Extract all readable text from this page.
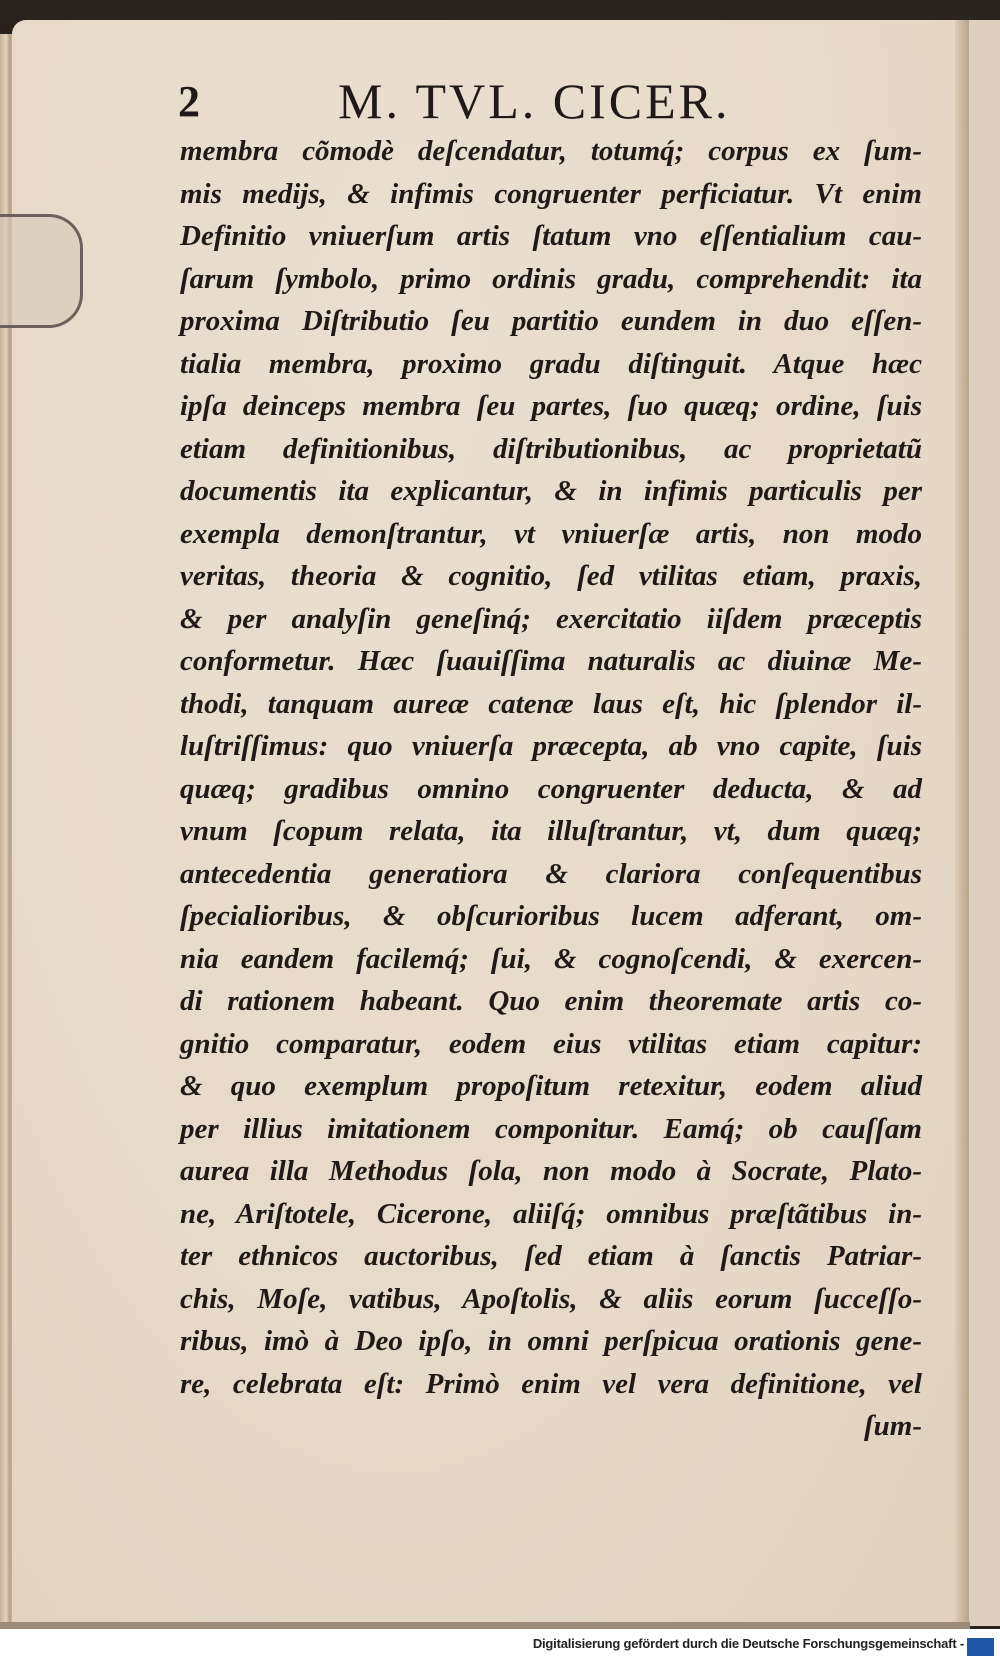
2	M. TVL. CICER.
membra cõmodè deſcendatur, totumq́; corpus ex ſum-
mis medijs, & infimis congruenter perficiatur. Vt enim
Definitio vniuerſum artis ſtatum vno eſſentialium cau-
ſarum ſymbolo, primo ordinis gradu, comprehendit: ita
proxima Diſtributio ſeu partitio eundem in duo eſſen-
tialia membra, proximo gradu diſtinguit. Atque hæc
ipſa deinceps membra ſeu partes, ſuo quæq; ordine, ſuis
etiam definitionibus, diſtributionibus, ac proprietatũ
documentis ita explicantur, & in infimis particulis per
exempla demonſtrantur, vt vniuerſæ artis, non modo
veritas, theoria & cognitio, ſed vtilitas etiam, praxis,
& per analyſin geneſinq́; exercitatio iiſdem præceptis
conformetur. Hæc ſuauiſſima naturalis ac diuinæ Me-
thodi, tanquam aureæ catenæ laus eſt, hic ſplendor il-
luſtriſſimus: quo vniuerſa præcepta, ab vno capite, ſuis
quæq; gradibus omnino congruenter deducta, & ad
vnum ſcopum relata, ita illuſtrantur, vt, dum quæq;
antecedentia generatiora & clariora conſequentibus
ſpecialioribus, & obſcurioribus lucem adferant, om-
nia eandem facilemq́; ſui, & cognoſcendi, & exercen-
di rationem habeant. Quo enim theoremate artis co-
gnitio comparatur, eodem eius vtilitas etiam capitur:
& quo exemplum propoſitum retexitur, eodem aliud
per illius imitationem componitur. Eamq́; ob cauſſam
aurea illa Methodus ſola, non modo à Socrate, Plato-
ne, Ariſtotele, Cicerone, aliiſq́; omnibus præſtãtibus in-
ter ethnicos auctoribus, ſed etiam à ſanctis Patriar-
chis, Moſe, vatibus, Apoſtolis, & aliis eorum ſucceſſo-
ribus, imò à Deo ipſo, in omni perſpicua orationis gene-
re, celebrata eſt: Primò enim vel vera definitione, vel
ſum-
Digitalisierung gefördert durch die Deutsche Forschungsgemeinschaft -
